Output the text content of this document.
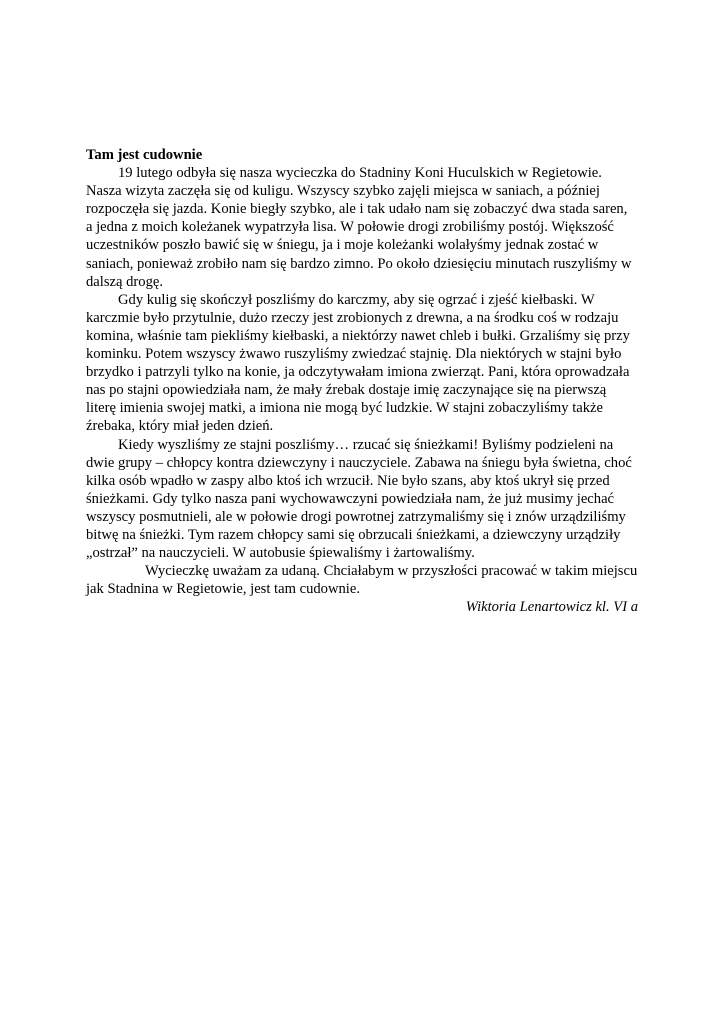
Tam jest cudownie

19 lutego odbyła się nasza wycieczka do Stadniny Koni Huculskich w Regietowie.

Nasza wizyta zaczęła się od kuligu. Wszyscy szybko zajęli miejsca w saniach, a później

rozpoczęła się jazda. Konie biegły szybko, ale i tak udało nam się zobaczyć dwa stada saren,

a jedna z moich koleżanek wypatrzyła lisa. W połowie drogi zrobiliśmy postój. Większość

uczestników poszło bawić się w śniegu, ja i moje koleżanki wolałyśmy jednak zostać w

saniach, ponieważ zrobiło nam się bardzo zimno. Po około dziesięciu minutach ruszyliśmy w

dalszą drogę.

Gdy kulig się skończył poszliśmy do karczmy, aby się ogrzać i zjeść kiełbaski. W

karczmie było przytulnie, dużo rzeczy jest zrobionych z drewna, a na środku coś w rodzaju

komina, właśnie tam piekliśmy kiełbaski, a niektórzy nawet chleb i bułki. Grzaliśmy się przy

kominku. Potem wszyscy żwawo ruszyliśmy zwiedzać stajnię. Dla niektórych w stajni było

brzydko i patrzyli tylko na konie, ja odczytywałam imiona zwierząt. Pani, która oprowadzała

nas po stajni opowiedziała nam, że mały źrebak dostaje imię zaczynające się na pierwszą

literę imienia swojej matki, a imiona nie mogą być ludzkie. W stajni zobaczyliśmy także

źrebaka, który miał jeden dzień.

Kiedy wyszliśmy ze stajni poszliśmy… rzucać się śnieżkami! Byliśmy podzieleni na

dwie grupy – chłopcy kontra dziewczyny i nauczyciele. Zabawa na śniegu była świetna, choć

kilka osób wpadło w zaspy albo ktoś ich wrzucił. Nie było szans, aby ktoś ukrył się przed

śnieżkami. Gdy tylko nasza pani wychowawczyni powiedziała nam, że już musimy jechać

wszyscy posmutnieli, ale w połowie drogi powrotnej zatrzymaliśmy się i znów urządziliśmy

bitwę na śnieżki. Tym razem chłopcy sami się obrzucali śnieżkami, a dziewczyny urządziły

„ostrzał” na nauczycieli. W autobusie śpiewaliśmy i żartowaliśmy.

Wycieczkę uważam za udaną. Chciałabym w przyszłości pracować w takim miejscu

jak Stadnina w Regietowie, jest tam cudownie.

Wiktoria Lenartowicz kl. VI a
